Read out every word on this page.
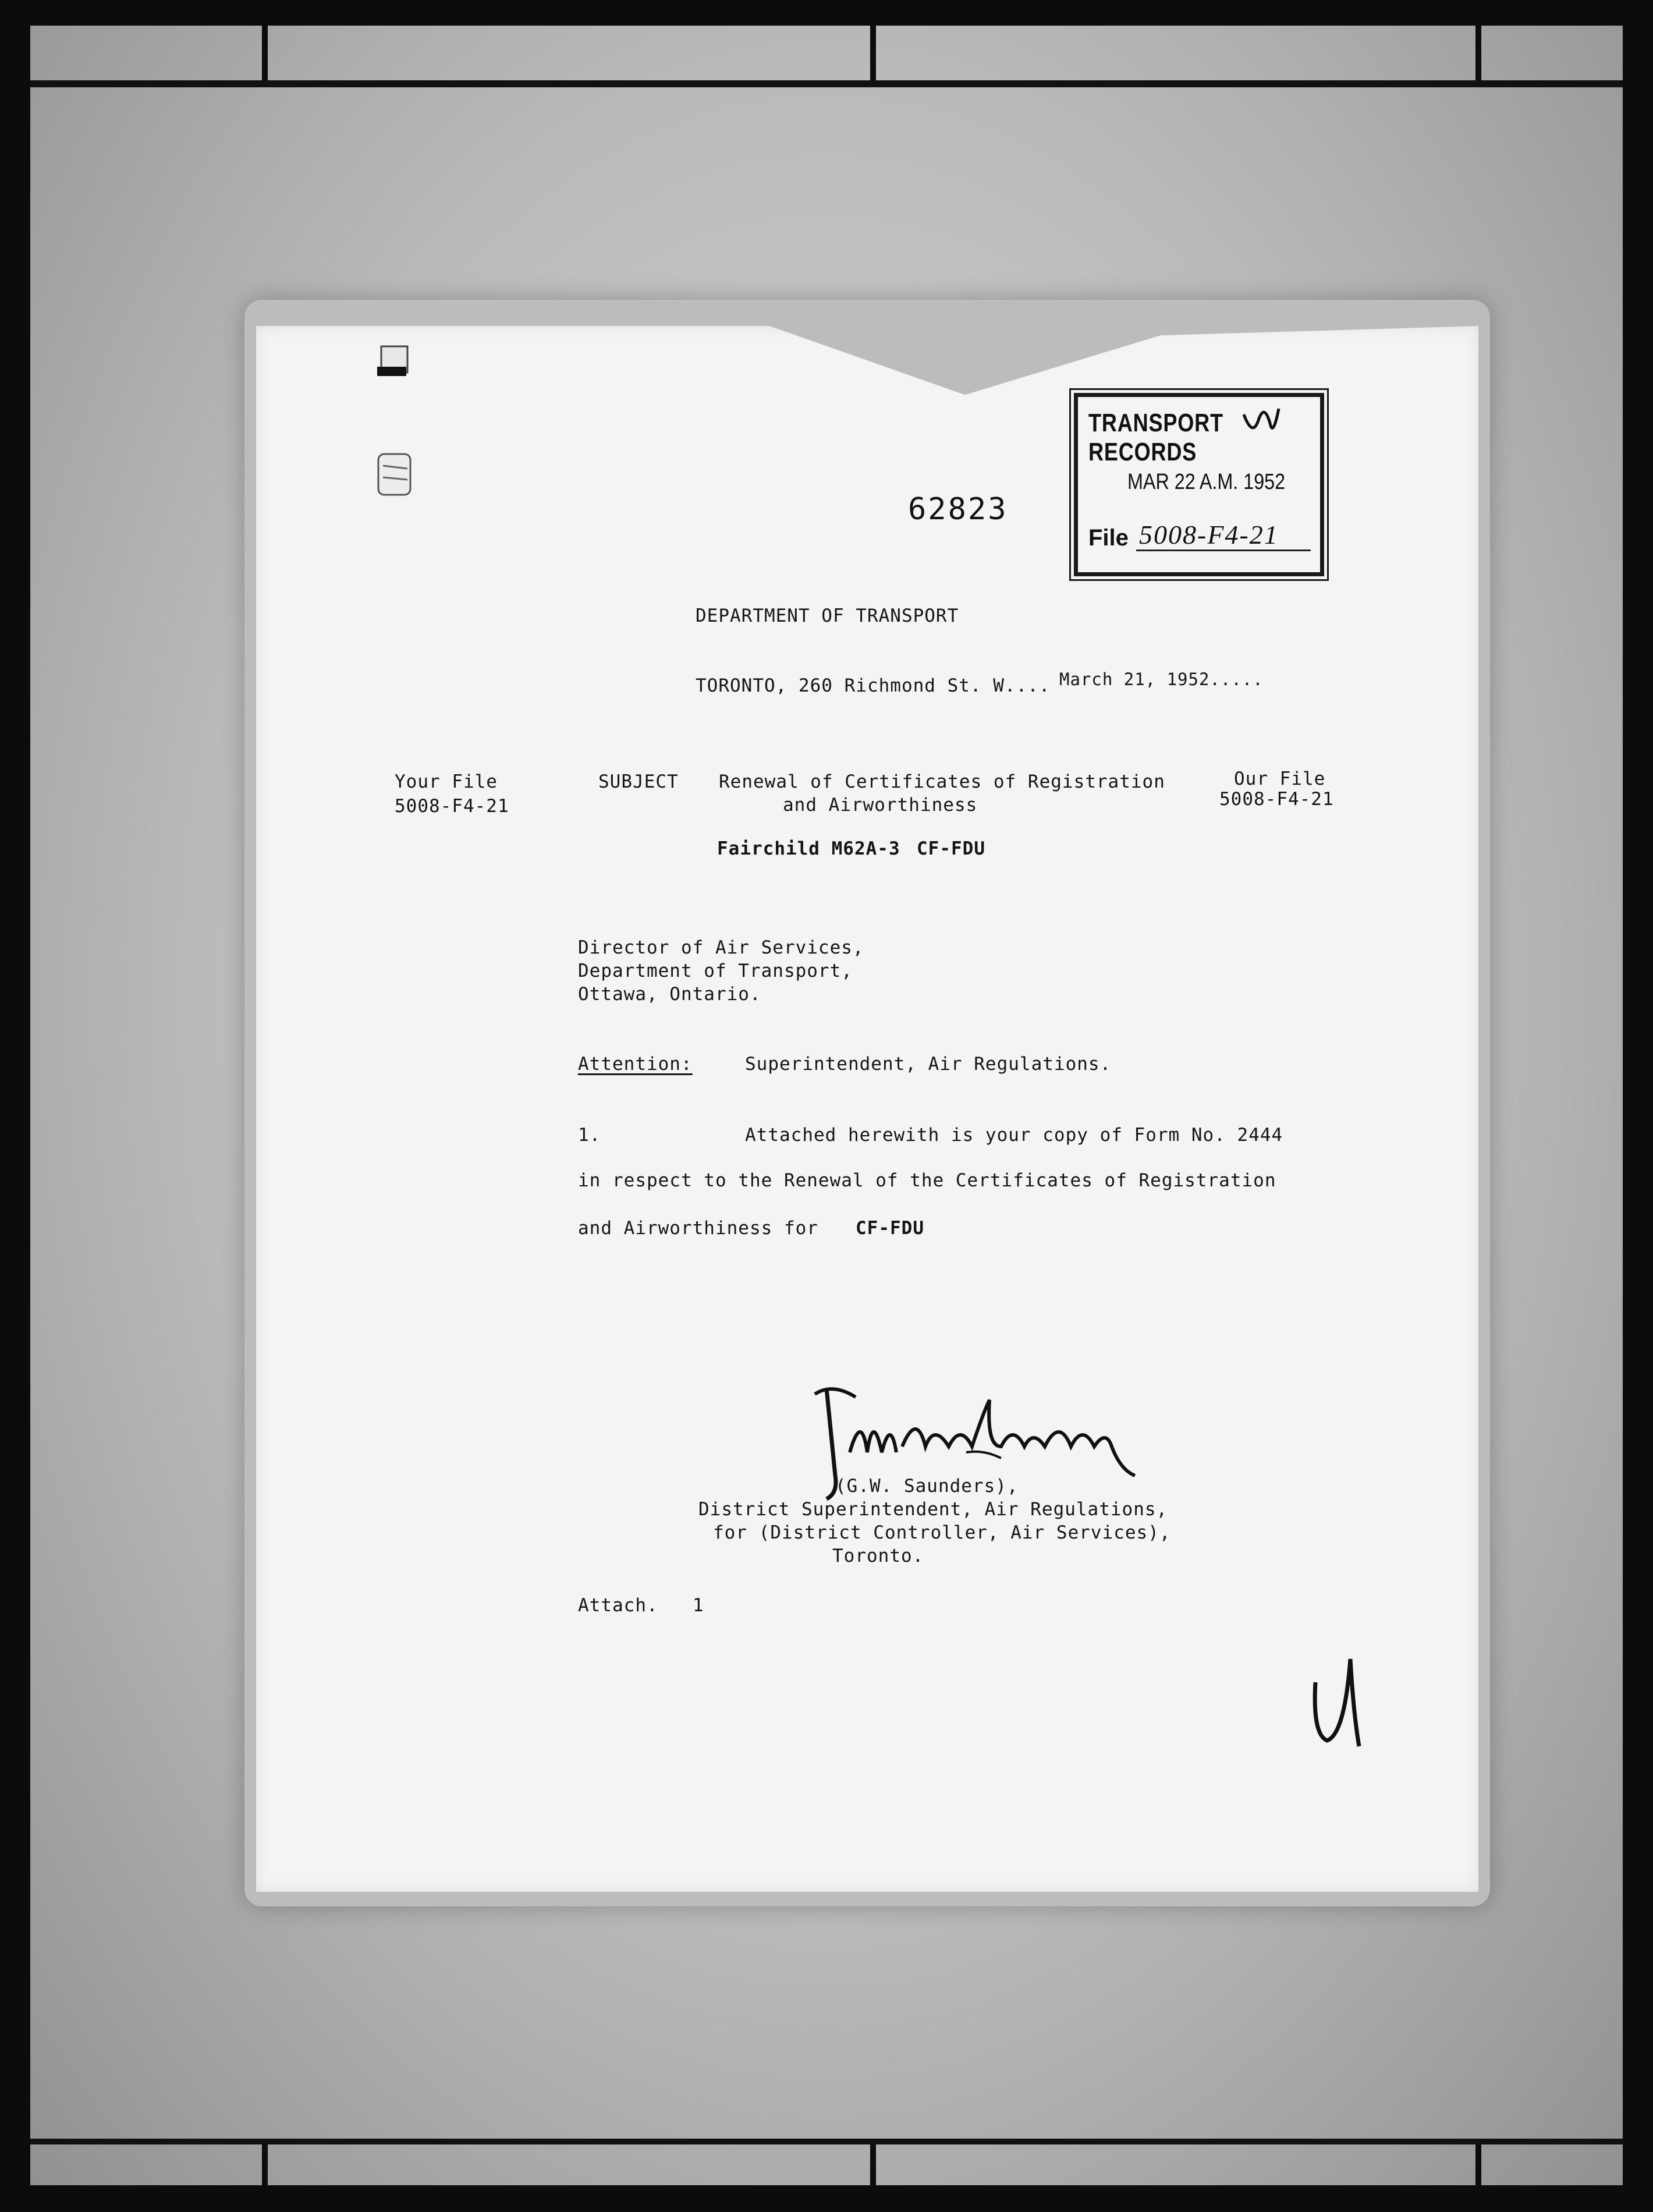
62823
TRANSPORT RECORDS
MAR 22 A.M. 1952
File 5008-F4-21
DEPARTMENT OF TRANSPORT
TORONTO, 260 Richmond St. W.... March 21, 1952.....
Your File
5008-F4-21
SUBJECT Renewal of Certificates of Registration
and Airworthiness
Fairchild M62A-3 CF-FDU
Our File
5008-F4-21
Director of Air Services,
Department of Transport,
Ottawa, Ontario.
Attention:	Superintendent, Air Regulations.
1.	Attached herewith is your copy of Form No. 2444
in respect to the Renewal of the Certificates of Registration
and Airworthiness for CF-FDU
(G.W. Saunders),
District Superintendent, Air Regulations,
for (District Controller, Air Services),
Toronto.
Attach. 1
